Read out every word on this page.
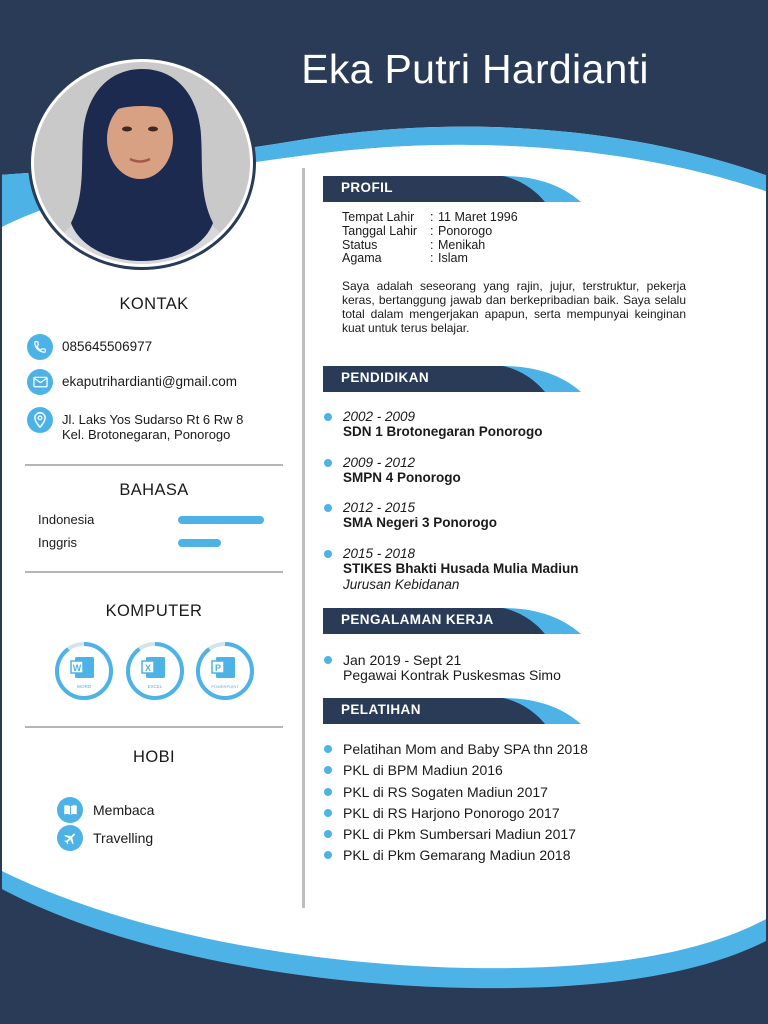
Eka Putri Hardianti
KONTAK
085645506977
ekaputrihardianti@gmail.com
Jl. Laks Yos Sudarso Rt 6 Rw 8
Kel. Brotonegaran, Ponorogo
BAHASA
Indonesia
Inggris
KOMPUTER
W
WORD
X
EXCEL
P
POWERPOINT
HOBI
Membaca
Travelling
PROFIL
Tempat Lahir	: 11 Maret 1996
Tanggal Lahir	: Ponorogo
Status	: Menikah
Agama	: Islam
Saya adalah seseorang yang rajin, jujur, terstruktur, pekerja keras, bertanggung jawab dan berkepribadian baik. Saya selalu total dalam mengerjakan apapun, serta mempunyai keinginan kuat untuk terus belajar.
PENDIDIKAN
2002 - 2009
SDN 1 Brotonegaran Ponorogo
2009 - 2012
SMPN 4 Ponorogo
2012 - 2015
SMA Negeri 3 Ponorogo
2015 - 2018
STIKES Bhakti Husada Mulia Madiun
Jurusan Kebidanan
PENGALAMAN KERJA
Jan 2019 - Sept 21
Pegawai Kontrak Puskesmas Simo
PELATIHAN
Pelatihan Mom and Baby SPA thn 2018
PKL di BPM Madiun 2016
PKL di RS Sogaten Madiun 2017
PKL di RS Harjono Ponorogo 2017
PKL di Pkm Sumbersari Madiun 2017
PKL di Pkm Gemarang Madiun 2018
